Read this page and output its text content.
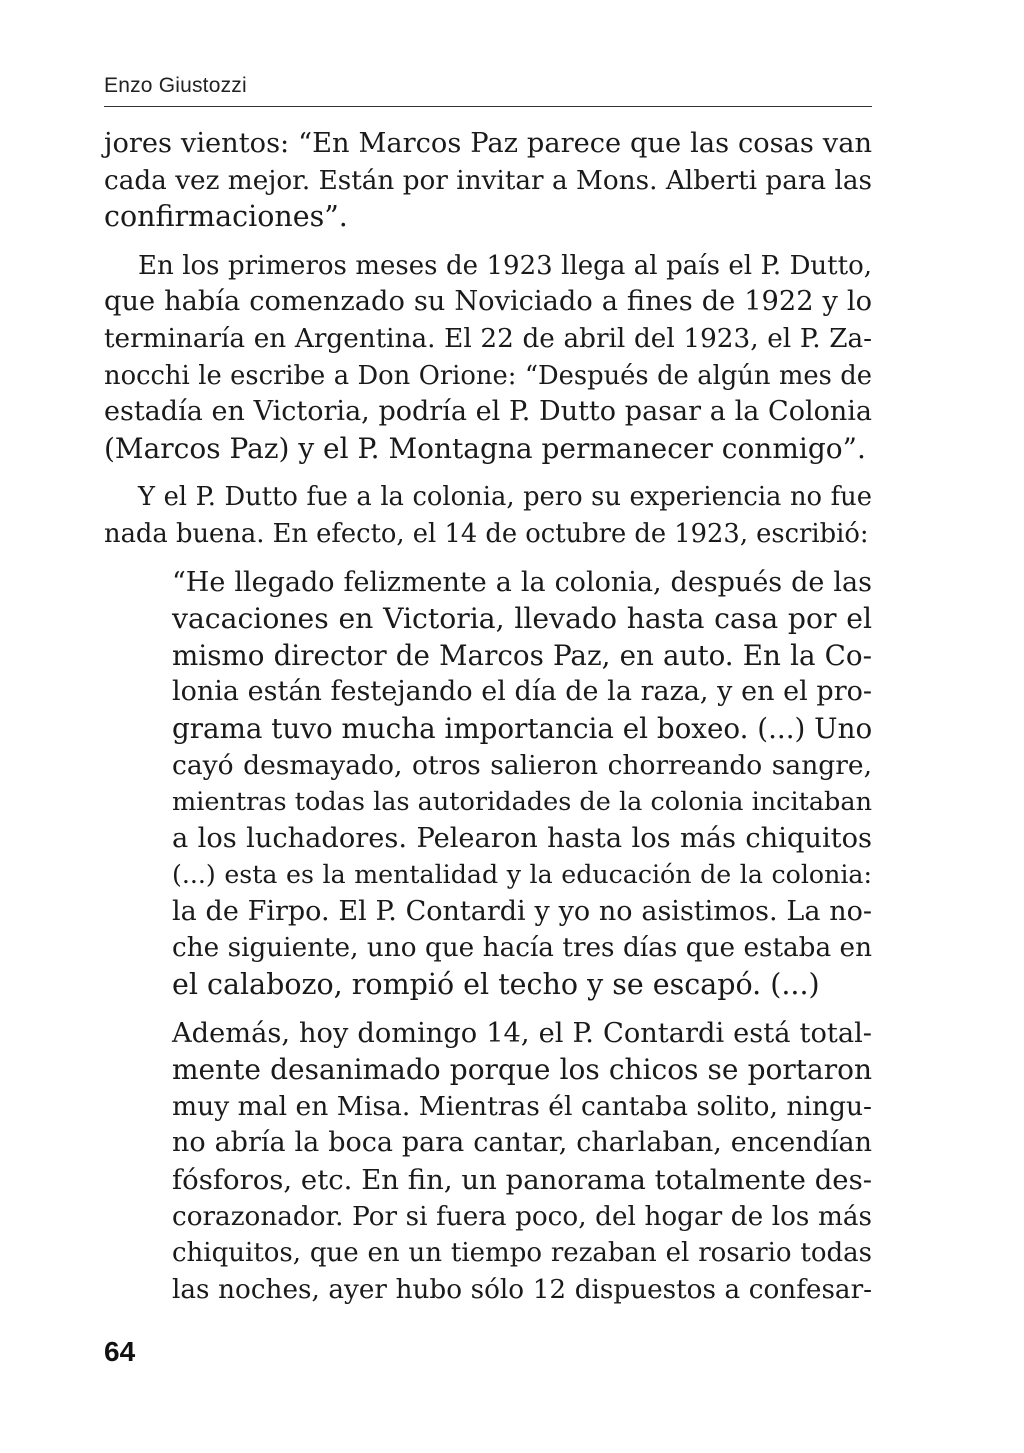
Enzo Giustozzi
jores vientos: “En Marcos Paz parece que las cosas van
cada vez mejor. Están por invitar a Mons. Alberti para las
confirmaciones”.
En los primeros meses de 1923 llega al país el P. Dutto,
que había comenzado su Noviciado a fines de 1922 y lo
terminaría en Argentina. El 22 de abril del 1923, el P. Za-
nocchi le escribe a Don Orione: “Después de algún mes de
estadía en Victoria, podría el P. Dutto pasar a la Colonia
(Marcos Paz) y el P. Montagna permanecer conmigo”.
Y el P. Dutto fue a la colonia, pero su experiencia no fue
nada buena. En efecto, el 14 de octubre de 1923, escribió:
“He llegado felizmente a la colonia, después de las
vacaciones en Victoria, llevado hasta casa por el
mismo director de Marcos Paz, en auto. En la Co-
lonia están festejando el día de la raza, y en el pro-
grama tuvo mucha importancia el boxeo. (...) Uno
cayó desmayado, otros salieron chorreando sangre,
mientras todas las autoridades de la colonia incitaban
a los luchadores. Pelearon hasta los más chiquitos
(...) esta es la mentalidad y la educación de la colonia:
la de Firpo. El P. Contardi y yo no asistimos. La no-
che siguiente, uno que hacía tres días que estaba en
el calabozo, rompió el techo y se escapó. (...)
Además, hoy domingo 14, el P. Contardi está total-
mente desanimado porque los chicos se portaron
muy mal en Misa. Mientras él cantaba solito, ningu-
no abría la boca para cantar, charlaban, encendían
fósforos, etc. En fin, un panorama totalmente des-
corazonador. Por si fuera poco, del hogar de los más
chiquitos, que en un tiempo rezaban el rosario todas
las noches, ayer hubo sólo 12 dispuestos a confesar-
64
